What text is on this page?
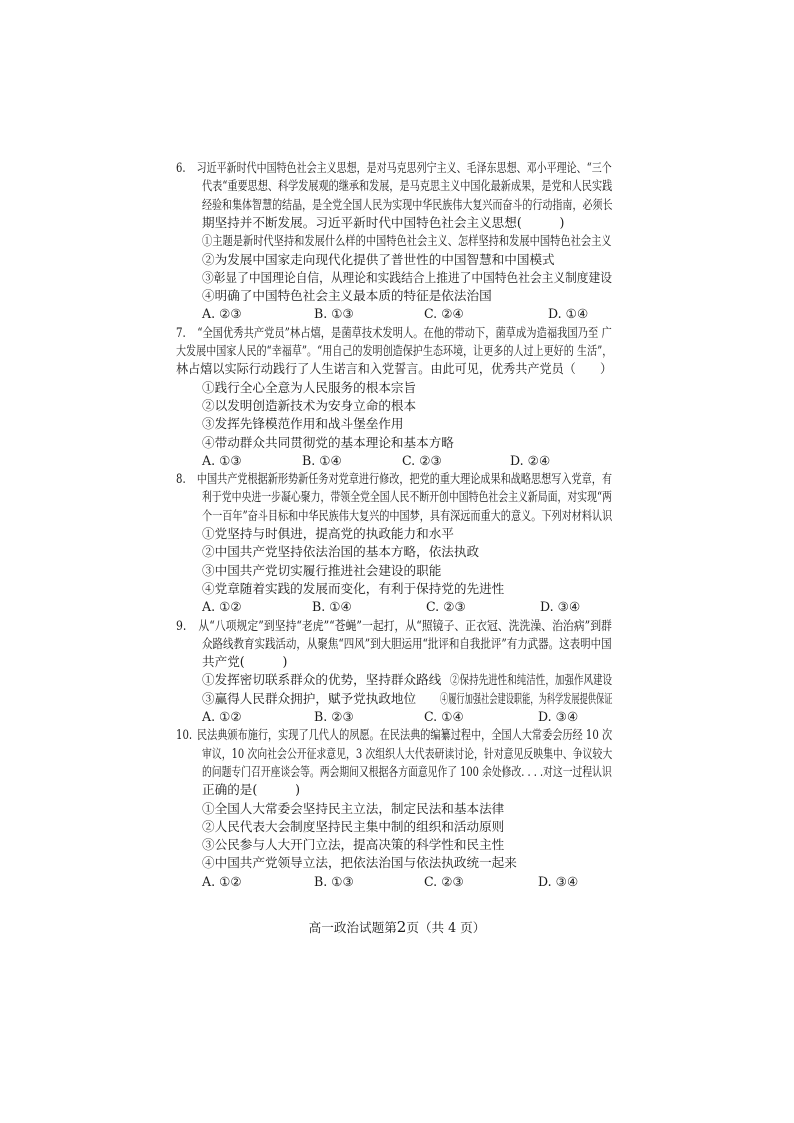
6. 习近平新时代中国特色社会主义思想，是对马克思列宁主义、毛泽东思想、邓小平理论、“三个
代表“重要思想、科学发展观的继承和发展，是马克思主义中国化最新成果，是党和人民实践
经验和集体智慧的结晶，是全党全国人民为实现中华民族伟大复兴而奋斗的行动指南，必须长
期坚持并不断发展。习近平新时代中国特色社会主义思想(　　　)
①主题是新时代坚持和发展什么样的中国特色社会主义、怎样坚持和发展中国特色社会主义
②为发展中国家走向现代化提供了普世性的中国智慧和中国模式
③彰显了中国理论自信，从理论和实践结合上推进了中国特色社会主义制度建设
④明确了中国特色社会主义最本质的特征是依法治国
A. ②③	B. ①③	C. ②④	D. ①④
7. “全国优秀共产党员”林占熺，是菌草技术发明人。在他的带动下，菌草成为造福我国乃至 广
大发展中国家人民的“幸福草”。“用自己的发明创造保护生态环境，让更多的人过上更好的 生活”，
林占熺以实际行动践行了人生诺言和入党誓言。由此可见，优秀共产党员（　　）
①践行全心全意为人民服务的根本宗旨
②以发明创造新技术为安身立命的根本
③发挥先锋模范作用和战斗堡垒作用
④带动群众共同贯彻党的基本理论和基本方略
A. ①③	B. ①④	C. ②③	D. ②④
8. 中国共产党根据新形势新任务对党章进行修改，把党的重大理论成果和战略思想写入党章，有
利于党中央进一步凝心聚力，带领全党全国人民不断开创中国特色社会主义新局面，对实现“两
个一百年”奋斗目标和中华民族伟大复兴的中国梦，具有深远而重大的意义。下列对材料认识
①党坚持与时俱进，提高党的执政能力和水平
②中国共产党坚持依法治国的基本方略，依法执政
③中国共产党切实履行推进社会建设的职能
④党章随着实践的发展而变化，有利于保持党的先进性
A. ①②	B. ①④	C. ②③	D. ③④
9. 从“八项规定”到坚持“老虎”“苍蝇”一起打，从“照镜子、正衣冠、洗洗澡、治治病”到群
众路线教育实践活动，从聚焦“四风”到大胆运用“批评和自我批评”有力武器。这表明中国
共产党(　　　)
①发挥密切联系群众的优势，坚持群众路线 ②保持先进性和纯洁性，加强作风建设
③赢得人民群众拥护，赋予党执政地位 ④履行加强社会建设职能，为科学发展提供保证
A. ①②	B. ②③	C. ①④	D. ③④
10. 民法典颁布施行，实现了几代人的夙愿。在民法典的编纂过程中，全国人大常委会历经 10 次
审议，10 次向社会公开征求意见，3 次组织人大代表研读讨论，针对意见反映集中、争议较大
的问题专门召开座谈会等。两会期间又根据各方面意见作了 100 余处修改. . . .对这一过程认识
正确的是(　　　)
高一政治试题第2页（共 4 页）
①全国人大常委会坚持民主立法，制定民法和基本法律
②人民代表大会制度坚持民主集中制的组织和活动原则
③公民参与人大开门立法，提高决策的科学性和民主性
④中国共产党领导立法，把依法治国与依法执政统一起来
A. ①②	B. ①③	C. ②③	D. ③④
